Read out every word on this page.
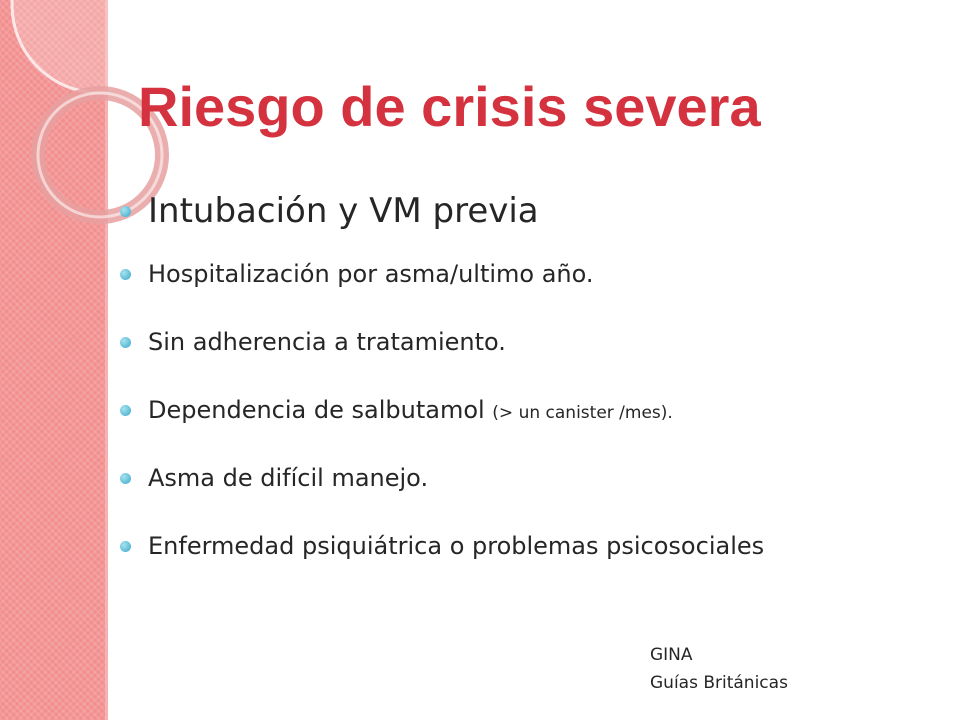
Riesgo de crisis severa
Intubación y VM previa
Hospitalización por asma/ultimo año.
Sin adherencia a tratamiento.
Dependencia de salbutamol (> un canister /mes).
Asma de difícil manejo.
Enfermedad psiquiátrica o problemas psicosociales
GINA
Guías Británicas
